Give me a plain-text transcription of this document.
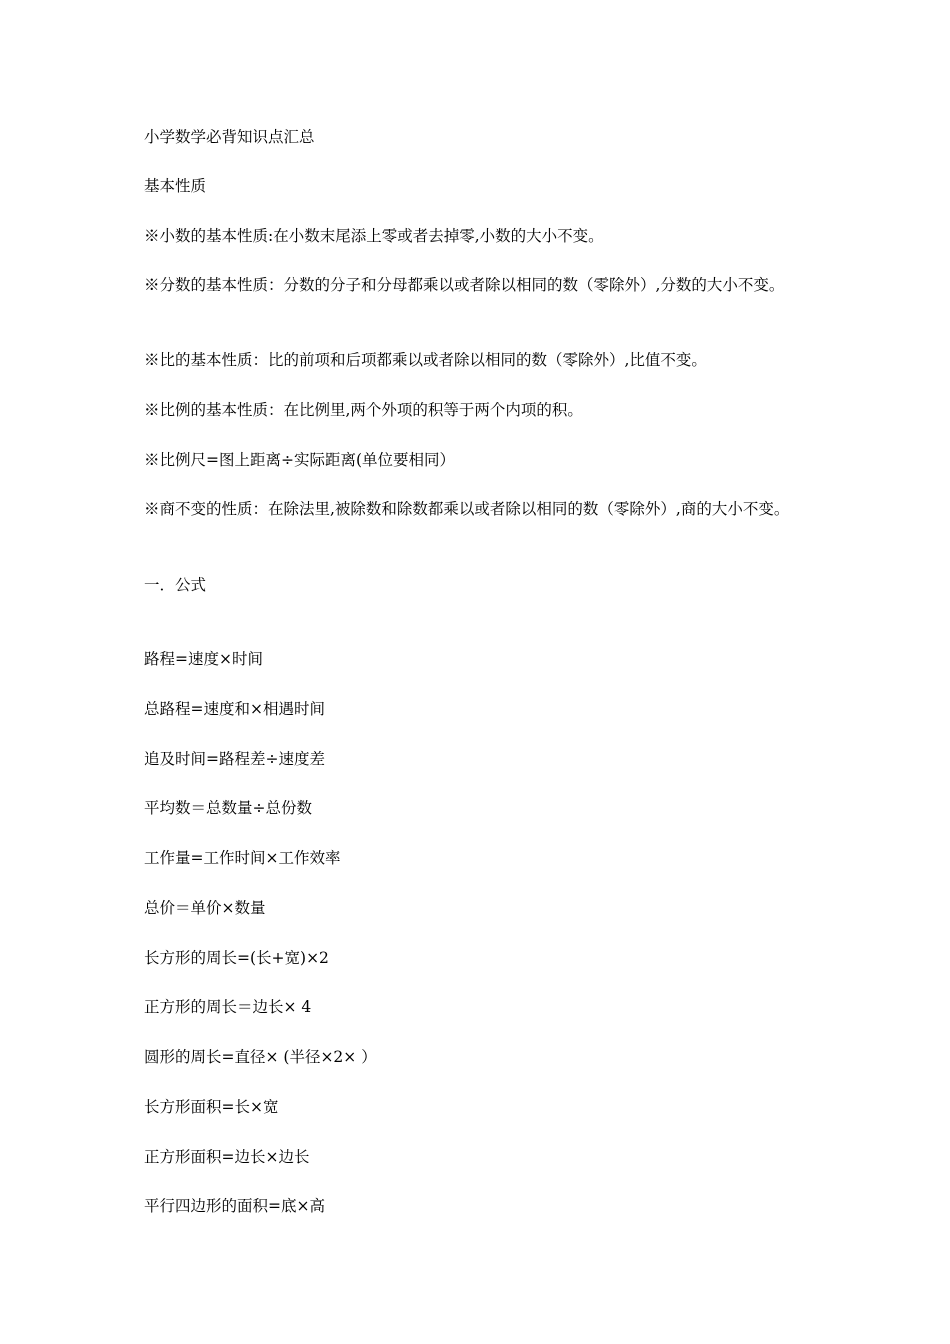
小学数学必背知识点汇总
基本性质
※小数的基本性质:在小数末尾添上零或者去掉零,小数的大小不变。
※分数的基本性质：分数的分子和分母都乘以或者除以相同的数（零除外）,分数的大小不变。
※比的基本性质：比的前项和后项都乘以或者除以相同的数（零除外）,比值不变。
※比例的基本性质：在比例里,两个外项的积等于两个内项的积。
※比例尺=图上距离÷实际距离(单位要相同）
※商不变的性质：在除法里,被除数和除数都乘以或者除以相同的数（零除外）,商的大小不变。
一．公式
路程=速度×时间
总路程=速度和×相遇时间
追及时间=路程差÷速度差
平均数＝总数量÷总份数
工作量=工作时间×工作效率
总价＝单价×数量
长方形的周长=(长+宽)×2
正方形的周长＝边长× 4
圆形的周长=直径× (半径×2× ）
长方形面积=长×宽
正方形面积=边长×边长
平行四边形的面积=底×高
